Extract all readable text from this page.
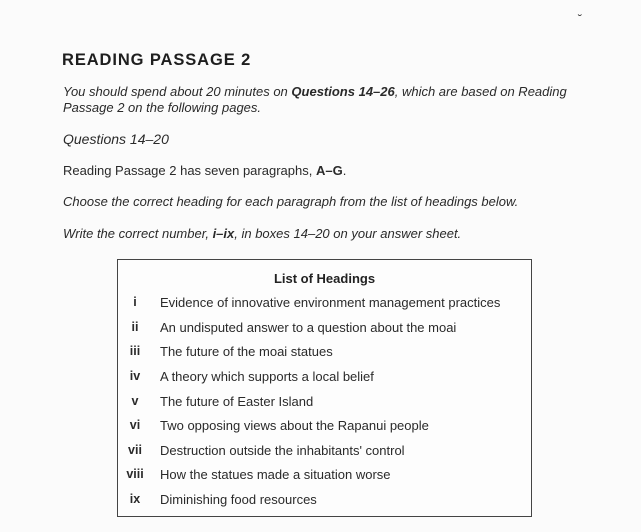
˘
READING PASSAGE 2
You should spend about 20 minutes on Questions 14–26, which are based on Reading Passage 2 on the following pages.
Questions 14–20
Reading Passage 2 has seven paragraphs, A–G.
Choose the correct heading for each paragraph from the list of headings below.
Write the correct number, i–ix, in boxes 14–20 on your answer sheet.
List of Headings
i	Evidence of innovative environment management practices
ii	An undisputed answer to a question about the moai
iii	The future of the moai statues
iv	A theory which supports a local belief
v	The future of Easter Island
vi	Two opposing views about the Rapanui people
vii	Destruction outside the inhabitants' control
viii How the statues made a situation worse
ix	Diminishing food resources
